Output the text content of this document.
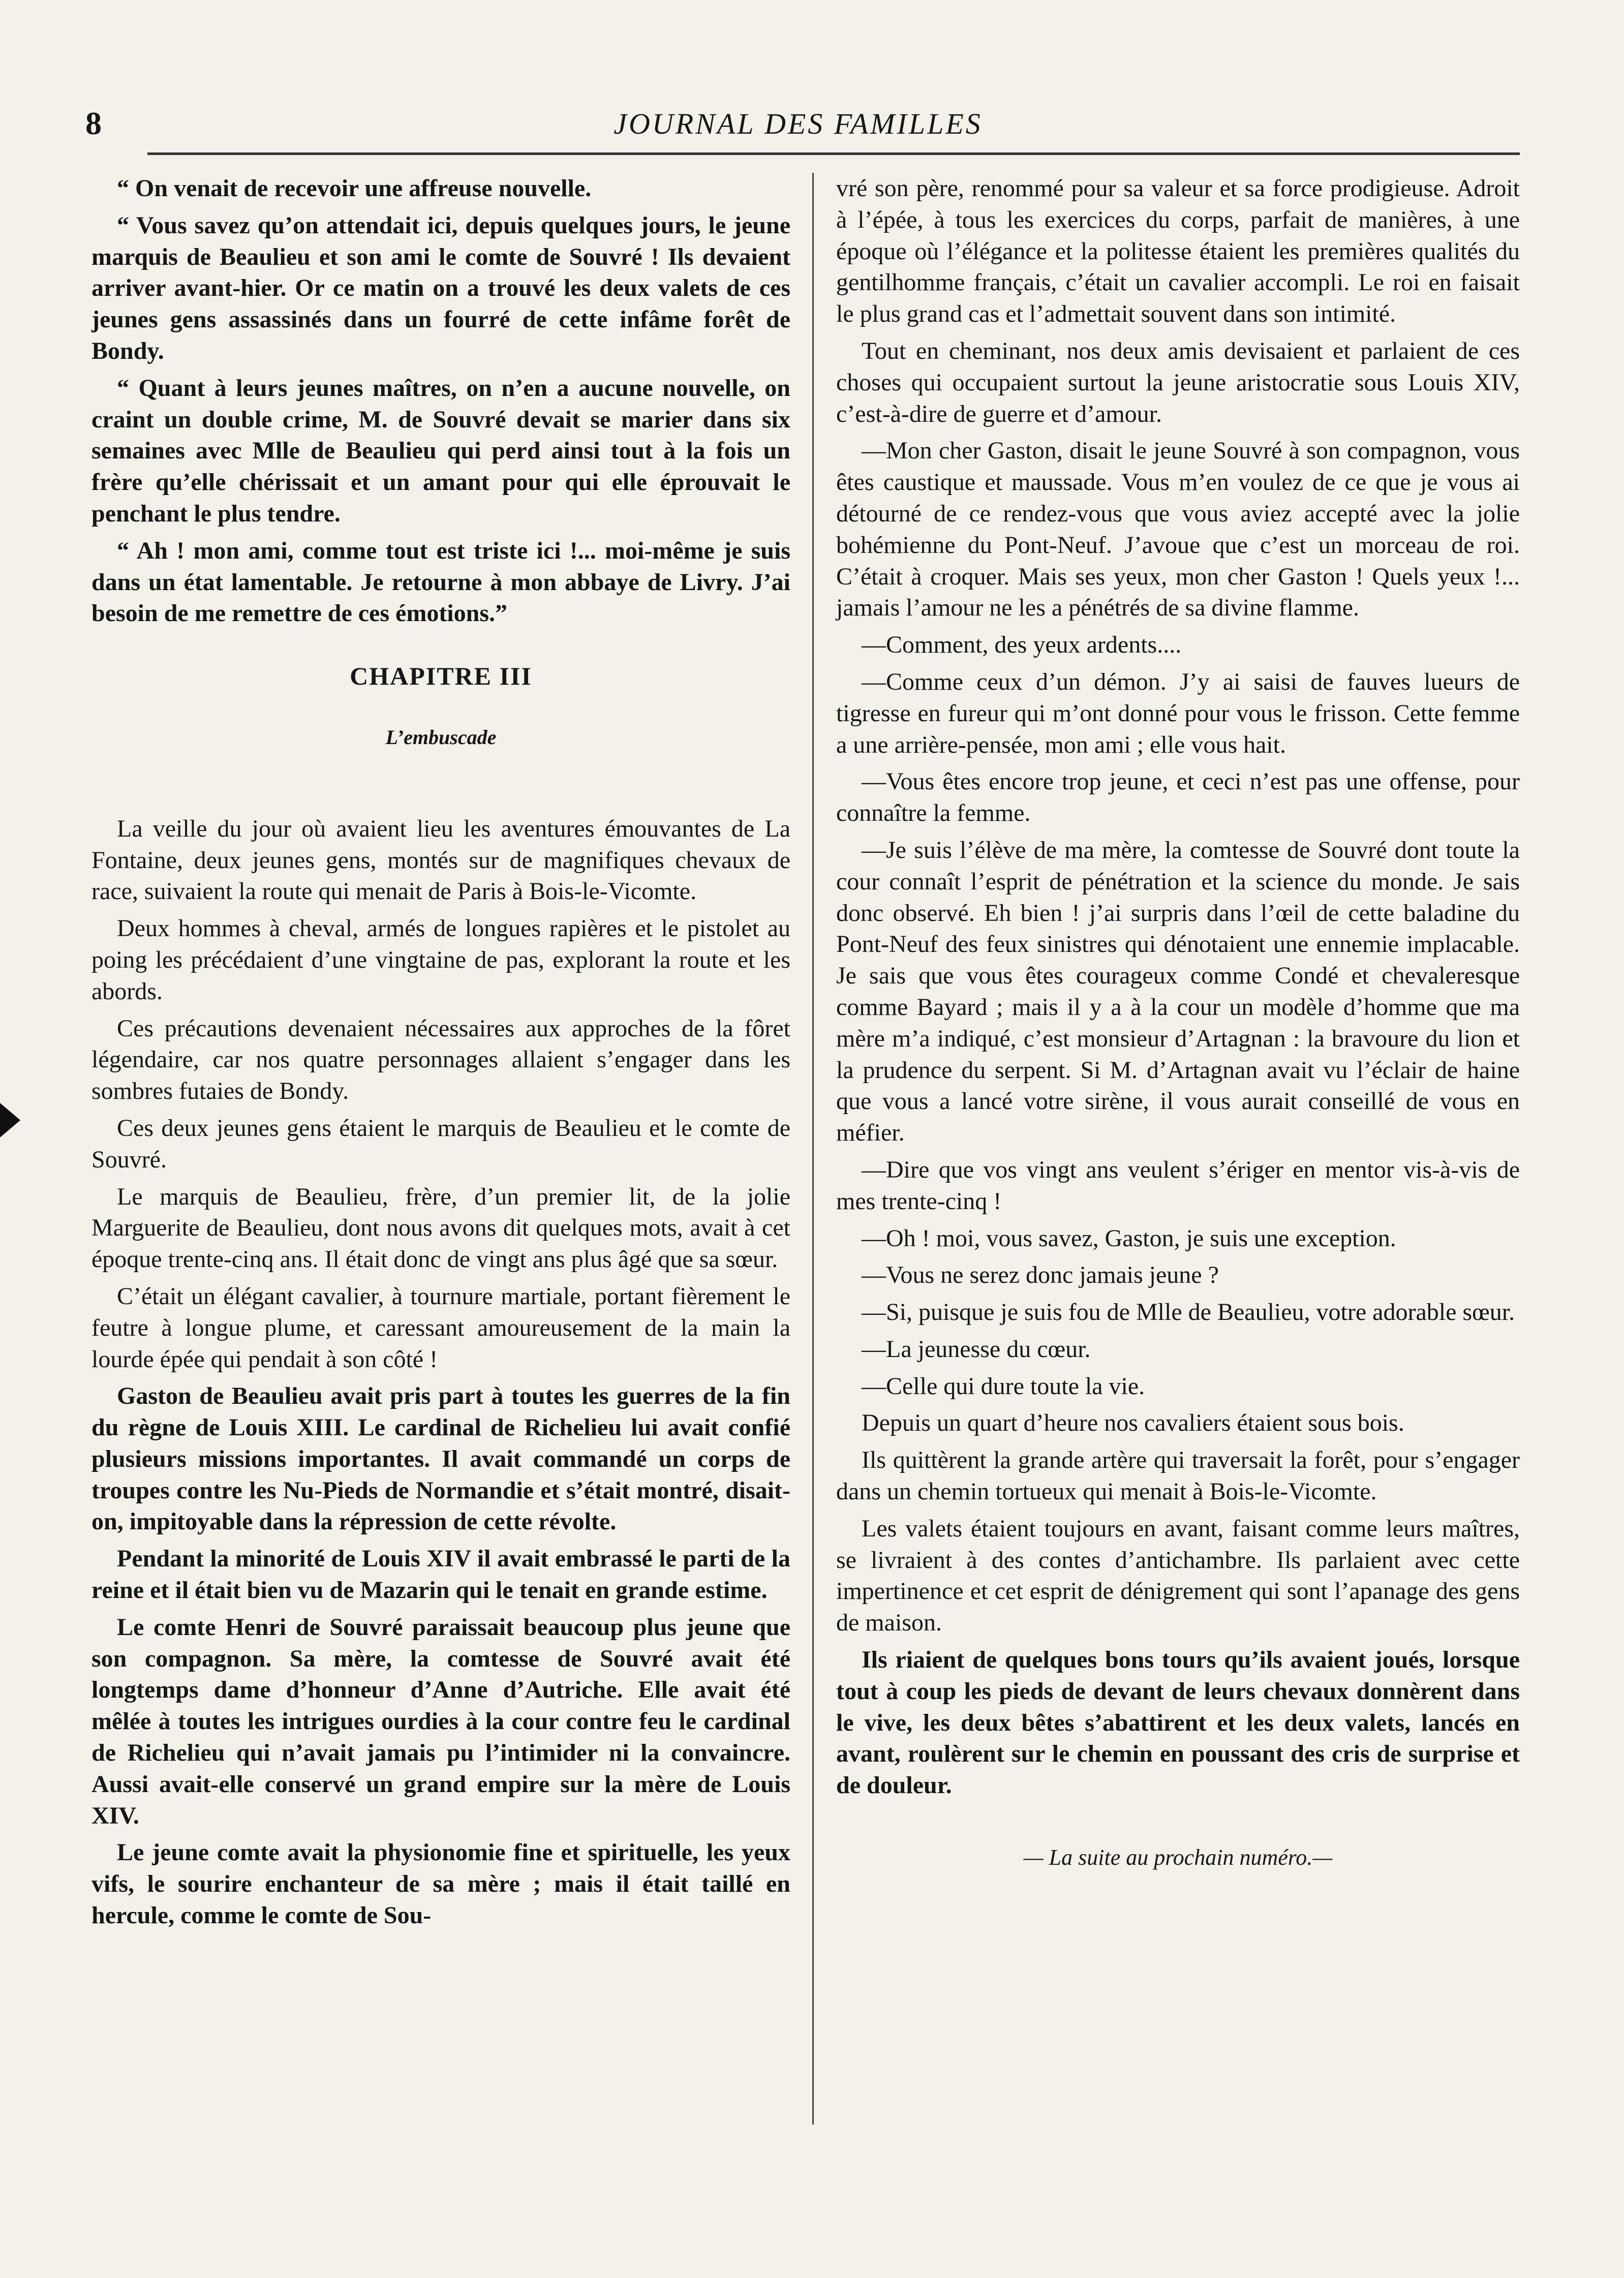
8	JOURNAL DES FAMILLES

“ On venait de recevoir une affreuse nouvelle.

“ Vous savez qu’on attendait ici, depuis quelques jours, le jeune marquis de Beaulieu et son ami le comte de Souvré ! Ils devaient arriver avant-hier. Or ce matin on a trouvé les deux valets de ces jeunes gens assassinés dans un fourré de cette infâme forêt de Bondy.

“ Quant à leurs jeunes maîtres, on n’en a aucune nouvelle, on craint un double crime, M. de Souvré devait se marier dans six semaines avec Mlle de Beaulieu qui perd ainsi tout à la fois un frère qu’elle chérissait et un amant pour qui elle éprouvait le penchant le plus tendre.

“ Ah ! mon ami, comme tout est triste ici !... moi-même je suis dans un état lamentable. Je retourne à mon abbaye de Livry. J’ai besoin de me remettre de ces émotions.”

CHAPITRE III
L’embuscade

La veille du jour où avaient lieu les aventures émouvantes de La Fontaine, deux jeunes gens, montés sur de magnifiques chevaux de race, suivaient la route qui menait de Paris à Bois-le-Vicomte.

Deux hommes à cheval, armés de longues rapières et le pistolet au poing les précédaient d’une vingtaine de pas, explorant la route et les abords.

Ces précautions devenaient nécessaires aux approches de la fôret légendaire, car nos quatre personnages allaient s’engager dans les sombres futaies de Bondy.

Ces deux jeunes gens étaient le marquis de Beaulieu et le comte de Souvré.

Le marquis de Beaulieu, frère, d’un premier lit, de la jolie Marguerite de Beaulieu, dont nous avons dit quelques mots, avait à cet époque trente-cinq ans. Il était donc de vingt ans plus âgé que sa sœur.

C’était un élégant cavalier, à tournure martiale, portant fièrement le feutre à longue plume, et caressant amoureusement de la main la lourde épée qui pendait à son côté !

Gaston de Beaulieu avait pris part à toutes les guerres de la fin du règne de Louis XIII. Le cardinal de Richelieu lui avait confié plusieurs missions importantes. Il avait commandé un corps de troupes contre les Nu-Pieds de Normandie et s’était montré, disait-on, impitoyable dans la répression de cette révolte.

Pendant la minorité de Louis XIV il avait embrassé le parti de la reine et il était bien vu de Mazarin qui le tenait en grande estime.

Le comte Henri de Souvré paraissait beaucoup plus jeune que son compagnon. Sa mère, la comtesse de Souvré avait été longtemps dame d’honneur d’Anne d’Autriche. Elle avait été mêlée à toutes les intrigues ourdies à la cour contre feu le cardinal de Richelieu qui n’avait jamais pu l’intimider ni la convaincre. Aussi avait-elle conservé un grand empire sur la mère de Louis XIV.

Le jeune comte avait la physionomie fine et spirituelle, les yeux vifs, le sourire enchanteur de sa mère ; mais il était taillé en hercule, comme le comte de Sou-

vré son père, renommé pour sa valeur et sa force prodigieuse. Adroit à l’épée, à tous les exercices du corps, parfait de manières, à une époque où l’élégance et la politesse étaient les premières qualités du gentilhomme français, c’était un cavalier accompli. Le roi en faisait le plus grand cas et l’admettait souvent dans son intimité.

Tout en cheminant, nos deux amis devisaient et parlaient de ces choses qui occupaient surtout la jeune aristocratie sous Louis XIV, c’est-à-dire de guerre et d’amour.

—Mon cher Gaston, disait le jeune Souvré à son compagnon, vous êtes caustique et maussade. Vous m’en voulez de ce que je vous ai détourné de ce rendez-vous que vous aviez accepté avec la jolie bohémienne du Pont-Neuf. J’avoue que c’est un morceau de roi. C’était à croquer. Mais ses yeux, mon cher Gaston ! Quels yeux !... jamais l’amour ne les a pénétrés de sa divine flamme.

—Comment, des yeux ardents....

—Comme ceux d’un démon. J’y ai saisi de fauves lueurs de tigresse en fureur qui m’ont donné pour vous le frisson. Cette femme a une arrière-pensée, mon ami ; elle vous hait.

—Vous êtes encore trop jeune, et ceci n’est pas une offense, pour connaître la femme.

—Je suis l’élève de ma mère, la comtesse de Souvré dont toute la cour connaît l’esprit de pénétration et la science du monde. Je sais donc observé. Eh bien ! j’ai surpris dans l’œil de cette baladine du Pont-Neuf des feux sinistres qui dénotaient une ennemie implacable. Je sais que vous êtes courageux comme Condé et chevaleresque comme Bayard ; mais il y a à la cour un modèle d’homme que ma mère m’a indiqué, c’est monsieur d’Artagnan : la bravoure du lion et la prudence du serpent. Si M. d’Artagnan avait vu l’éclair de haine que vous a lancé votre sirène, il vous aurait conseillé de vous en méfier.

—Dire que vos vingt ans veulent s’ériger en mentor vis-à-vis de mes trente-cinq !

—Oh ! moi, vous savez, Gaston, je suis une exception.

—Vous ne serez donc jamais jeune ?

—Si, puisque je suis fou de Mlle de Beaulieu, votre adorable sœur.

—La jeunesse du cœur.

—Celle qui dure toute la vie.

Depuis un quart d’heure nos cavaliers étaient sous bois.

Ils quittèrent la grande artère qui traversait la forêt, pour s’engager dans un chemin tortueux qui menait à Bois-le-Vicomte.

Les valets étaient toujours en avant, faisant comme leurs maîtres, se livraient à des contes d’antichambre. Ils parlaient avec cette impertinence et cet esprit de dénigrement qui sont l’apanage des gens de maison.

Ils riaient de quelques bons tours qu’ils avaient joués, lorsque tout à coup les pieds de devant de leurs chevaux donnèrent dans le vive, les deux bêtes s’abattirent et les deux valets, lancés en avant, roulèrent sur le chemin en poussant des cris de surprise et de douleur.

— La suite au prochain numéro.—
